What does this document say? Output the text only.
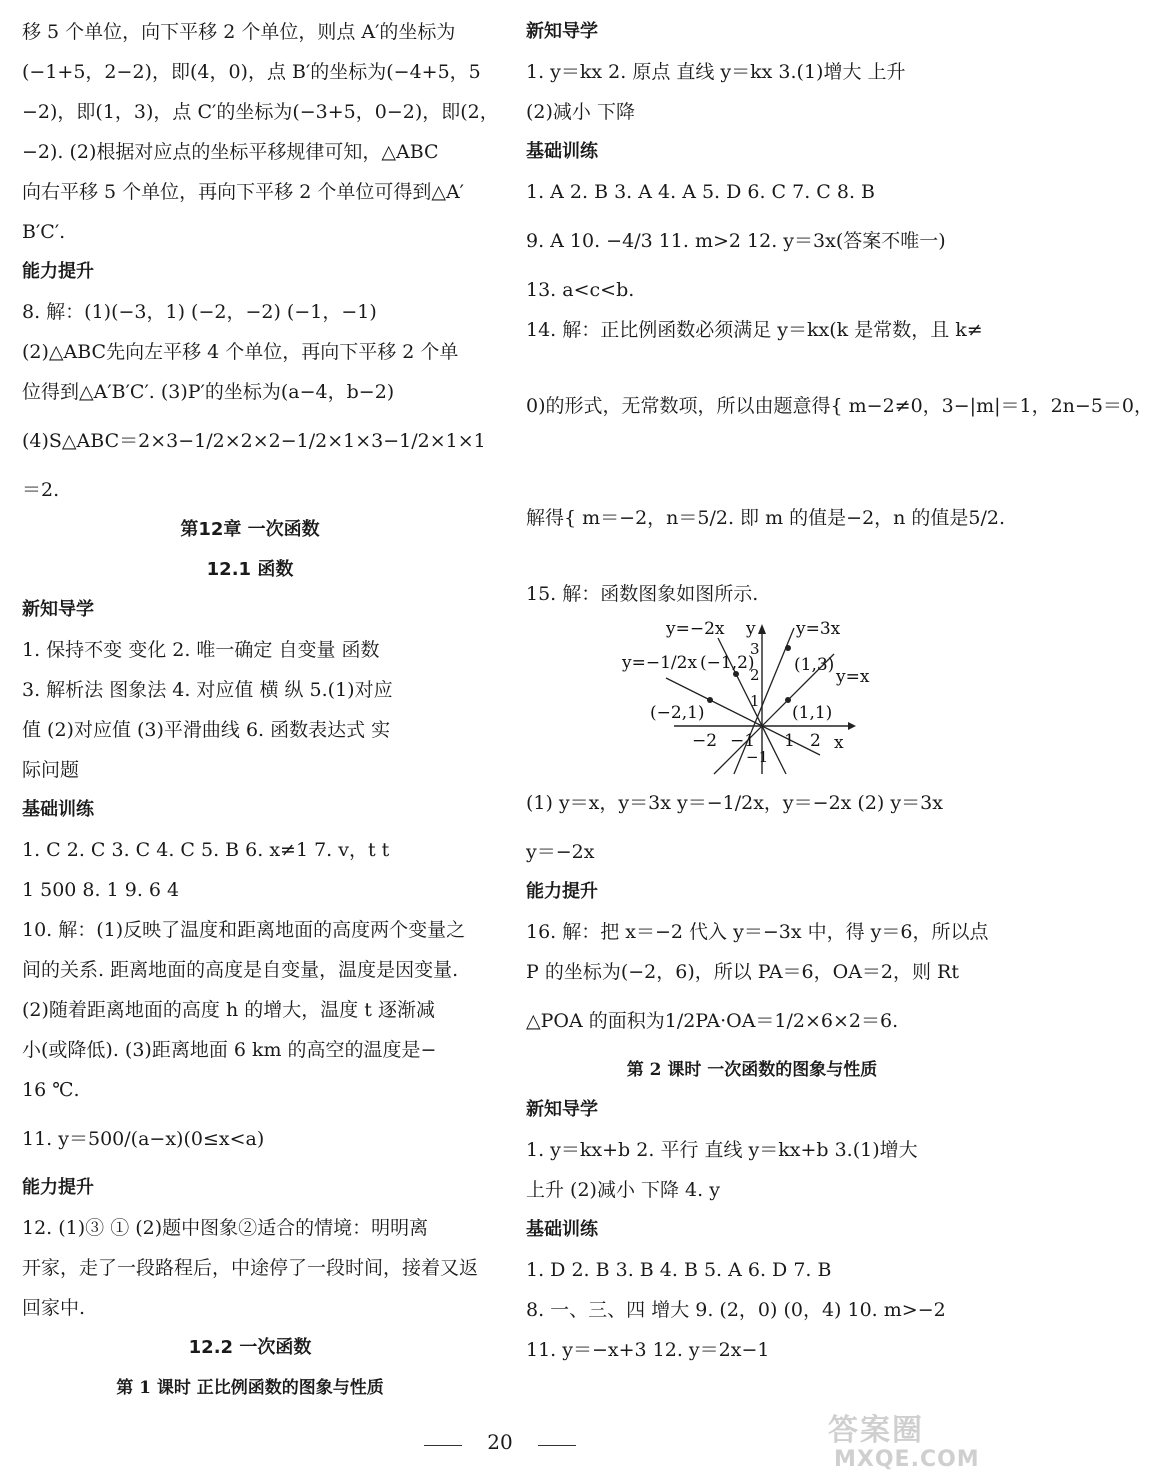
移 5 个单位，向下平移 2 个单位，则点 A′的坐标为
(−1+5，2−2)，即(4，0)，点 B′的坐标为(−4+5，5
−2)，即(1，3)，点 C′的坐标为(−3+5，0−2)，即(2，
−2). (2)根据对应点的坐标平移规律可知，△ABC
向右平移 5 个单位，再向下平移 2 个单位可得到△A′
B′C′.
能力提升
8. 解：(1)(−3，1) (−2，−2) (−1，−1)
(2)△ABC先向左平移 4 个单位，再向下平移 2 个单
位得到△A′B′C′. (3)P′的坐标为(a−4，b−2)
(4)S△ABC＝2×3−1/2×2×2−1/2×1×3−1/2×1×1
＝2.
第12章 一次函数
12.1 函数
新知导学
1. 保持不变 变化 2. 唯一确定 自变量 函数
3. 解析法 图象法 4. 对应值 横 纵 5.(1)对应
值 (2)对应值 (3)平滑曲线 6. 函数表达式 实
际问题
基础训练
1. C 2. C 3. C 4. C 5. B 6. x≠1 7. v，t t
1 500 8. 1 9. 6 4
10. 解：(1)反映了温度和距离地面的高度两个变量之
间的关系. 距离地面的高度是自变量，温度是因变量.
(2)随着距离地面的高度 h 的增大，温度 t 逐渐减
小(或降低). (3)距离地面 6 km 的高空的温度是−
16 ℃.
11. y＝500/(a−x)(0≤x<a)
能力提升
12. (1)③ ① (2)题中图象②适合的情境：明明离
开家，走了一段路程后，中途停了一段时间，接着又返
回家中.
12.2 一次函数
第 1 课时 正比例函数的图象与性质
新知导学
1. y＝kx 2. 原点 直线 y＝kx 3.(1)增大 上升
(2)减小 下降
基础训练
1. A 2. B 3. A 4. A 5. D 6. C 7. C 8. B
9. A 10. −4/3 11. m>2 12. y＝3x(答案不唯一)
13. a<c<b.
14. 解：正比例函数必须满足 y＝kx(k 是常数，且 k≠
0)的形式，无常数项，所以由题意得{ m−2≠0，3−|m|＝1，2n−5＝0，
解得{ m＝−2，n＝5/2. 即 m 的值是−2，n 的值是5/2.
15. 解：函数图象如图所示.
y=−2x y y=3x
y=−1/2x (−1,2) (1,3)
y=x
(−2,1)	(1,1)
3
2
1
−1
−2 −1 1 2 x
(1) y＝x，y＝3x y＝−1/2x，y＝−2x (2) y＝3x
y＝−2x
能力提升
16. 解：把 x＝−2 代入 y＝−3x 中，得 y＝6，所以点
P 的坐标为(−2，6)，所以 PA＝6，OA＝2，则 Rt
△POA 的面积为1/2PA·OA＝1/2×6×2＝6.
第 2 课时 一次函数的图象与性质
新知导学
1. y＝kx+b 2. 平行 直线 y＝kx+b 3.(1)增大
上升 (2)减小 下降 4. y
基础训练
1. D 2. B 3. B 4. B 5. A 6. D 7. B
8. 一、三、四 增大 9. (2，0) (0，4) 10. m>−2
11. y＝−x+3 12. y＝2x−1
20	答案圈
MXQE.COM
